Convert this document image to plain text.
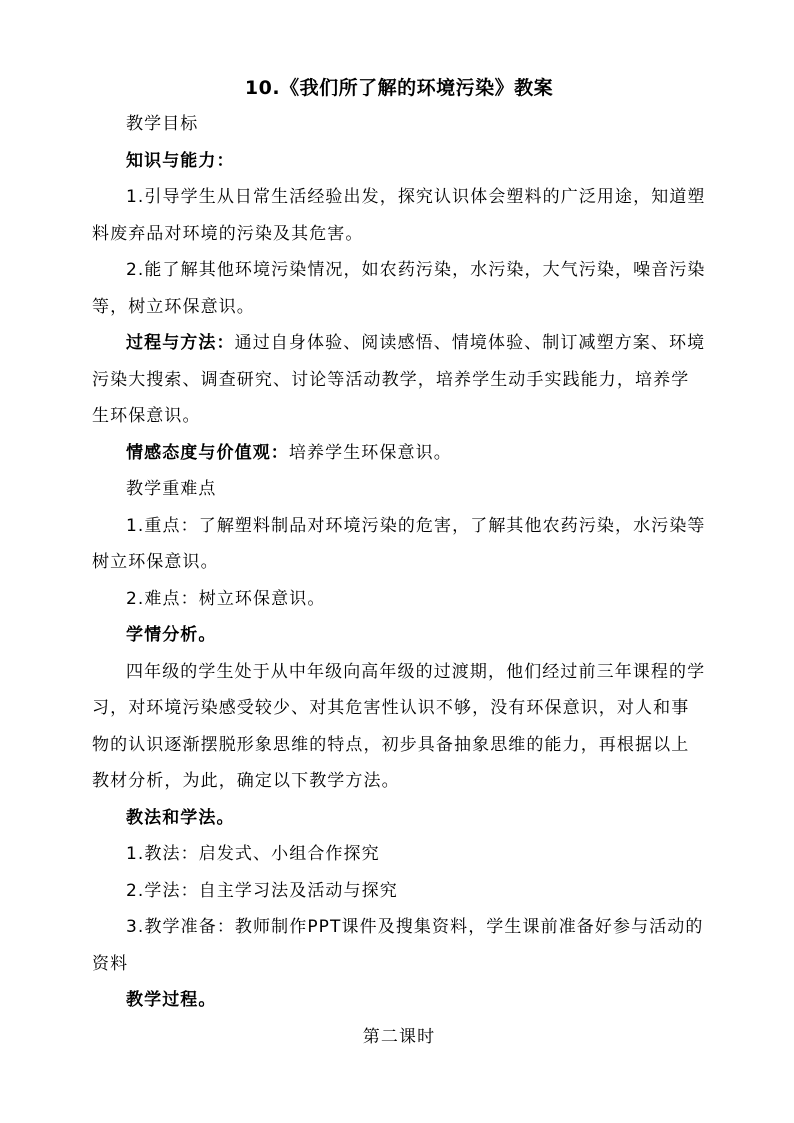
10.《我们所了解的环境污染》教案

教学目标

知识与能力：

1.引导学生从日常生活经验出发，探究认识体会塑料的广泛用途，知道塑料废弃品对环境的污染及其危害。

2.能了解其他环境污染情况，如农药污染，水污染，大气污染，噪音污染等，树立环保意识。

过程与方法：通过自身体验、阅读感悟、情境体验、制订减塑方案、环境污染大搜索、调查研究、讨论等活动教学，培养学生动手实践能力，培养学生环保意识。

情感态度与价值观：培养学生环保意识。

教学重难点

1.重点：了解塑料制品对环境污染的危害，了解其他农药污染，水污染等树立环保意识。

2.难点：树立环保意识。

学情分析。

四年级的学生处于从中年级向高年级的过渡期，他们经过前三年课程的学习，对环境污染感受较少、对其危害性认识不够，没有环保意识，对人和事物的认识逐渐摆脱形象思维的特点，初步具备抽象思维的能力，再根据以上教材分析，为此，确定以下教学方法。

教法和学法。

1.教法：启发式、小组合作探究

2.学法：自主学习法及活动与探究

3.教学准备：教师制作PPT课件及搜集资料，学生课前准备好参与活动的资料

教学过程。

第二课时
